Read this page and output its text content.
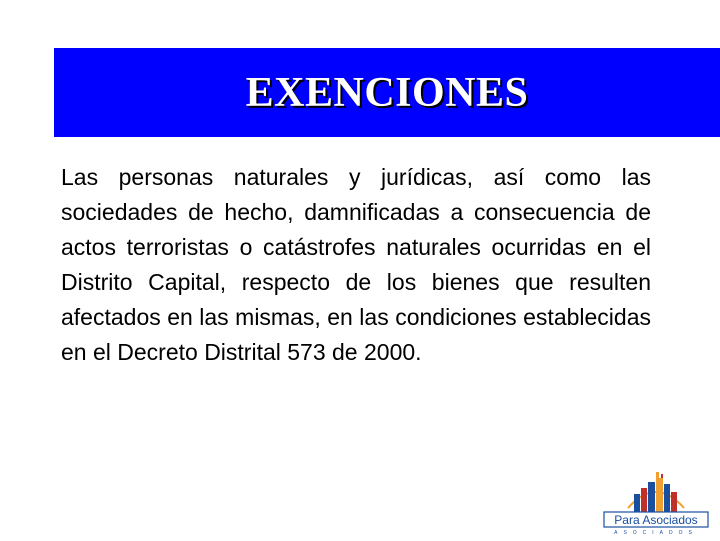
EXENCIONES

Las personas naturales y jurídicas, así como las sociedades de hecho, damnificadas a consecuencia de actos terroristas o catástrofes naturales ocurridas en el Distrito Capital, respecto de los bienes que resulten afectados en las mismas, en las condiciones establecidas en el Decreto Distrital 573 de 2000.

Para Asociados
ASOCIADOS
